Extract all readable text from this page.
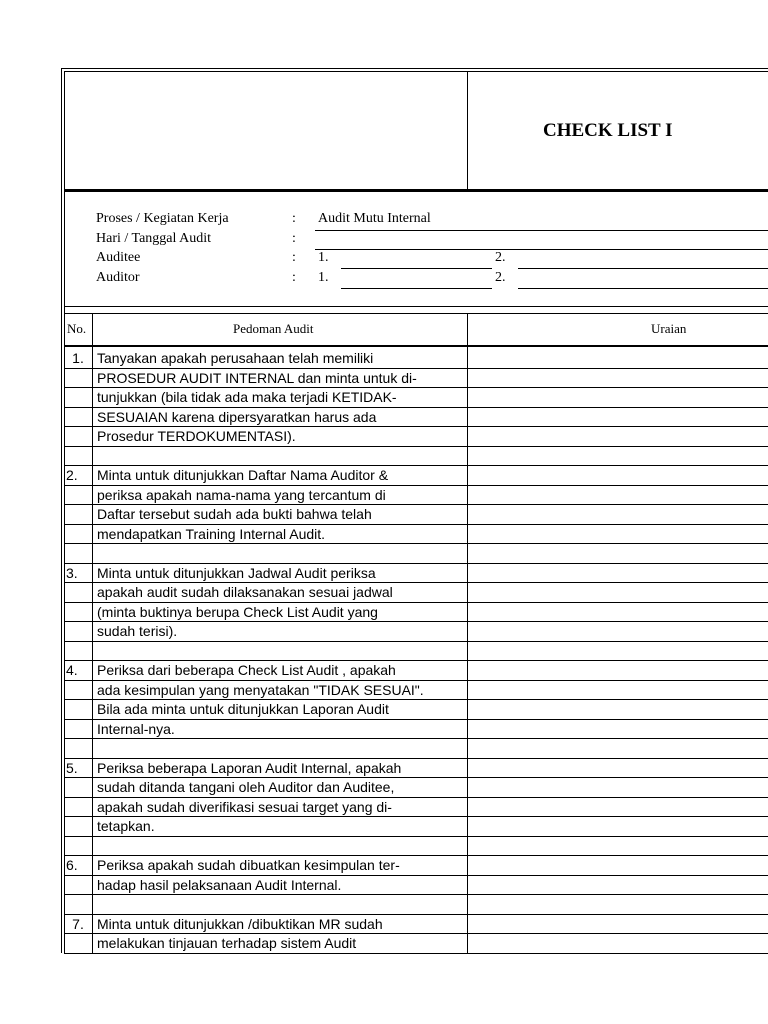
CHECK LIST I
Proses / Kegiatan Kerja	: Audit Mutu Internal
Hari / Tanggal Audit	:
Auditee	: 1.	2.
Auditor	: 1.	2.
No.	Pedoman Audit	Uraian
1. Tanyakan apakah perusahaan telah memiliki
PROSEDUR AUDIT INTERNAL dan minta untuk di-
tunjukkan (bila tidak ada maka terjadi KETIDAK-
SESUAIAN karena dipersyaratkan harus ada
Prosedur TERDOKUMENTASI).
2.	Minta untuk ditunjukkan Daftar Nama Auditor &
periksa apakah nama-nama yang tercantum di
Daftar tersebut sudah ada bukti bahwa telah
mendapatkan Training Internal Audit.
3.	Minta untuk ditunjukkan Jadwal Audit periksa
apakah audit sudah dilaksanakan sesuai jadwal
(minta buktinya berupa Check List Audit yang
sudah terisi).
4.	Periksa dari beberapa Check List Audit , apakah
ada kesimpulan yang menyatakan "TIDAK SESUAI".
Bila ada minta untuk ditunjukkan Laporan Audit
Internal-nya.
5.	Periksa beberapa Laporan Audit Internal, apakah
sudah ditanda tangani oleh Auditor dan Auditee,
apakah sudah diverifikasi sesuai target yang di-
tetapkan.
6.	Periksa apakah sudah dibuatkan kesimpulan ter-
hadap hasil pelaksanaan Audit Internal.
7. Minta untuk ditunjukkan /dibuktikan MR sudah
melakukan tinjauan terhadap sistem Audit
